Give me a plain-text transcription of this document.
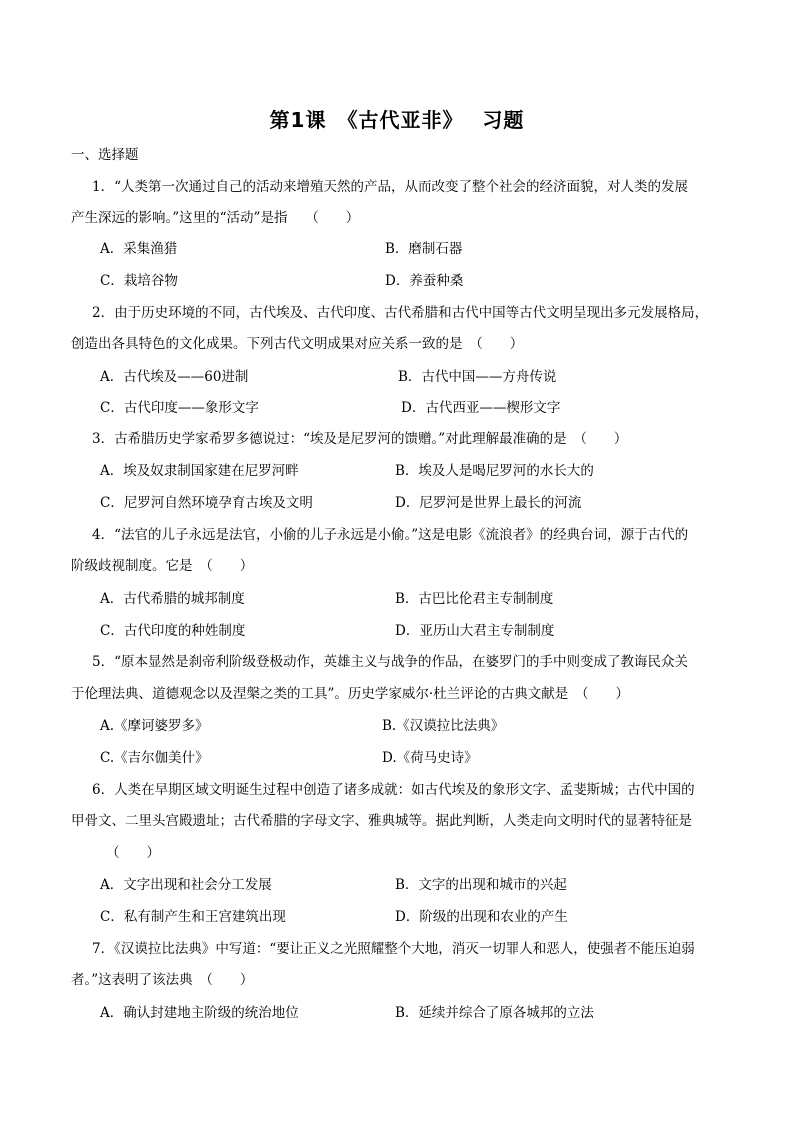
第1课　《古代亚非》　 习题
一、选择题
1．“人类第一次通过自己的活动来增殖天然的产品，从而改变了整个社会的经济面貌，对人类的发展
产生深远的影响。”这里的“活动”是指　 （　　）
A．采集渔猎	B．磨制石器
C．栽培谷物	D．养蚕种桑
2．由于历史环境的不同，古代埃及、古代印度、古代希腊和古代中国等古代文明呈现出多元发展格局，
创造出各具特色的文化成果。下列古代文明成果对应关系一致的是　（　　）
A．古代埃及——60进制	B．古代中国——方舟传说
C．古代印度——象形文字	D．古代西亚——楔形文字
3．古希腊历史学家希罗多德说过：“埃及是尼罗河的馈赠。”对此理解最准确的是　（　　）
A．埃及奴隶制国家建在尼罗河畔	B．埃及人是喝尼罗河的水长大的
C．尼罗河自然环境孕育古埃及文明	D．尼罗河是世界上最长的河流
4．“法官的儿子永远是法官，小偷的儿子永远是小偷。”这是电影《流浪者》的经典台词，源于古代的
阶级歧视制度。它是　（　　）
A．古代希腊的城邦制度	B．古巴比伦君主专制制度
C．古代印度的种姓制度	D．亚历山大君主专制制度
5．“原本显然是刹帝利阶级登极动作，英雄主义与战争的作品，在婆罗门的手中则变成了教诲民众关
于伦理法典、道德观念以及涅槃之类的工具”。历史学家威尔·杜兰评论的古典文献是　（　　）
A.《摩诃婆罗多》	B.《汉谟拉比法典》
C.《吉尔伽美什》	D.《荷马史诗》
6．人类在早期区域文明诞生过程中创造了诸多成就：如古代埃及的象形文字、孟斐斯城；古代中国的
甲骨文、二里头宫殿遗址；古代希腊的字母文字、雅典城等。据此判断，人类走向文明时代的显著特征是
（　　）
A．文字出现和社会分工发展	B．文字的出现和城市的兴起
C．私有制产生和王宫建筑出现	D．阶级的出现和农业的产生
7．《汉谟拉比法典》中写道：“要让正义之光照耀整个大地，消灭一切罪人和恶人，使强者不能压迫弱
者。”这表明了该法典　（　　）
A．确认封建地主阶级的统治地位	B．延续并综合了原各城邦的立法
